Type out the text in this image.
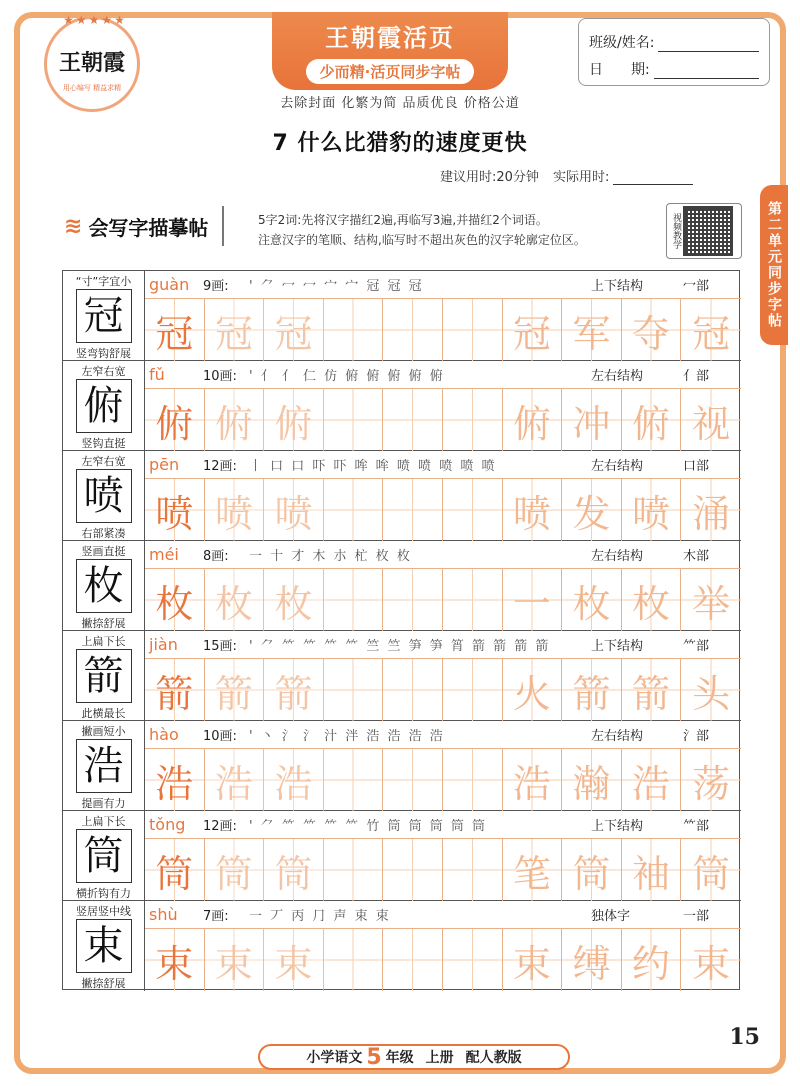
★★★★★
王朝霞
用心编写 精益求精
王朝霞活页
少而精·活页同步字帖
去除封面 化繁为简 品质优良 价格公道
班级/姓名:
日　　期:
7 什么比猎豹的速度更快
建议用时:20分钟 实际用时:
第二单元同步字帖
≋ 会写字描摹帖	5字2词:先将汉字描红2遍,再临写3遍,并描红2个词语。
注意汉字的笔顺、结构,临写时不超出灰色的汉字轮廓定位区。	视频教学
“寸”字宜小
冠
竖弯钩舒展
guàn	9画:	' ⺈ 冖 冖 宀 宀 冠 冠 冠	上下结构	冖部
冠 冠 冠	冠 军 夺 冠
左窄右宽
俯
竖钩直挺
fǔ	10画: ' 亻 亻 仁 仿 俯 俯 俯 俯 俯	左右结构	亻部
俯 俯 俯	俯 冲 俯 视
左窄右宽
喷
右部紧凑
pēn	12画: 丨 口 口 吓 吓 哞 哞 喷 喷 喷 喷 喷	左右结构	口部
喷 喷 喷	喷 发 喷 涌
竖画直挺
枚
撇捺舒展
méi	8画:	一 十 才 木 朩 杧 枚 枚	左右结构	木部
枚 枚 枚	一 枚 枚 举
上扁下长
箭
此横最长
jiàn	15画: ' ⺈ ⺮ ⺮ ⺮ ⺮ 竺 竺 笋 笋 筲 箭 箭 箭 箭	上下结构	⺮部
箭 箭 箭	火 箭 箭 头
撇画短小
浩
提画有力
hào	10画: ' 丶 氵 氵 汁 泮 浩 浩 浩 浩	左右结构	氵部
浩 浩 浩	浩 瀚 浩 荡
上扁下长
筒
横折钩有力
tǒng	12画: ' ⺈ ⺮ ⺮ ⺮ ⺮ 竹 筒 筒 筒 筒 筒	上下结构	⺮部
筒 筒 筒	笔 筒 袖 筒
竖居竖中线
束
撇捺舒展
shù	7画:	一 丆 丙 ⺆ 声 束 束	独体字	一部
束 束 束	束 缚 约 束
小学语文 5 年级 上册 配人教版
15
